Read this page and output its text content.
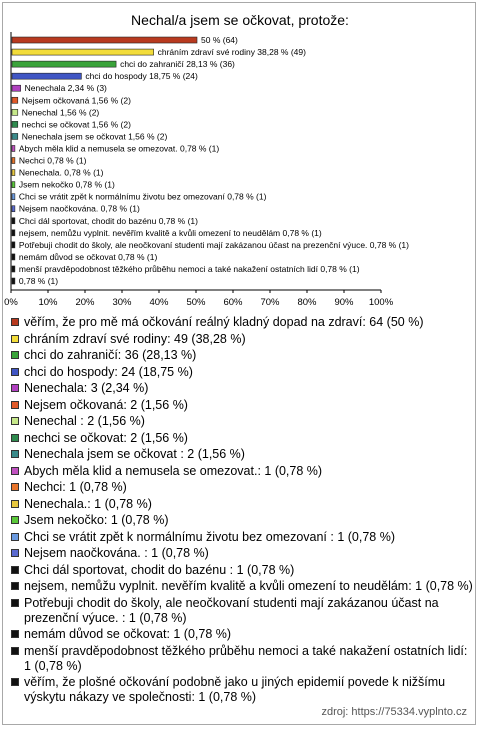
Nechal/a jsem se očkovat, protože:
50 % (64)
chráním zdraví své rodiny 38,28 % (49)
chci do zahraničí 28,13 % (36)
chci do hospody 18,75 % (24)
Nenechala 2,34 % (3)
Nejsem očkovaná 1,56 % (2)
Nenechal 1,56 % (2)
nechci se očkovat 1,56 % (2)
Nenechala jsem se očkovat 1,56 % (2)
Abych měla klid a nemusela se omezovat. 0,78 % (1)
Nechci 0,78 % (1)
Nenechala. 0,78 % (1)
Jsem nekočko 0,78 % (1)
Chci se vrátit zpět k normálnímu životu bez omezovaní 0,78 % (1)
Nejsem naočkována. 0,78 % (1)
Chci dál sportovat, chodit do bazénu 0,78 % (1)
nejsem, nemůžu vyplnit. nevěřím kvalitě a kvůli omezení to neudělám 0,78 % (1)
Potřebuji chodit do školy, ale neočkovaní studenti mají zakázanou účast na prezenční výuce. 0,78 % (1)
nemám důvod se očkovat 0,78 % (1)
menší pravděpodobnost těžkého průběhu nemoci a také nakažení ostatních lidí 0,78 % (1)
0,78 % (1)
0% 10% 20% 30% 40% 50% 60% 70% 80% 90% 100%
věřím, že pro mě má očkování reálný kladný dopad na zdraví: 64 (50 %)
chráním zdraví své rodiny: 49 (38,28 %)
chci do zahraničí: 36 (28,13 %)
chci do hospody: 24 (18,75 %)
Nenechala: 3 (2,34 %)
Nejsem očkovaná: 2 (1,56 %)
Nenechal : 2 (1,56 %)
nechci se očkovat: 2 (1,56 %)
Nenechala jsem se očkovat : 2 (1,56 %)
Abych měla klid a nemusela se omezovat.: 1 (0,78 %)
Nechci: 1 (0,78 %)
Nenechala.: 1 (0,78 %)
Jsem nekočko: 1 (0,78 %)
Chci se vrátit zpět k normálnímu životu bez omezovaní : 1 (0,78 %)
Nejsem naočkována. : 1 (0,78 %)
Chci dál sportovat, chodit do bazénu : 1 (0,78 %)
nejsem, nemůžu vyplnit. nevěřím kvalitě a kvůli omezení to neudělám: 1 (0,78 %)
Potřebuji chodit do školy, ale neočkovaní studenti mají zakázanou účast na prezenční výuce. : 1 (0,78 %)
nemám důvod se očkovat: 1 (0,78 %)
menší pravděpodobnost těžkého průběhu nemoci a také nakažení ostatních lidí: 1 (0,78 %)
věřím, že plošné očkování podobně jako u jiných epidemií povede k nižšímu výskytu nákazy ve společnosti: 1 (0,78 %)
zdroj: https://75334.vyplnto.cz
